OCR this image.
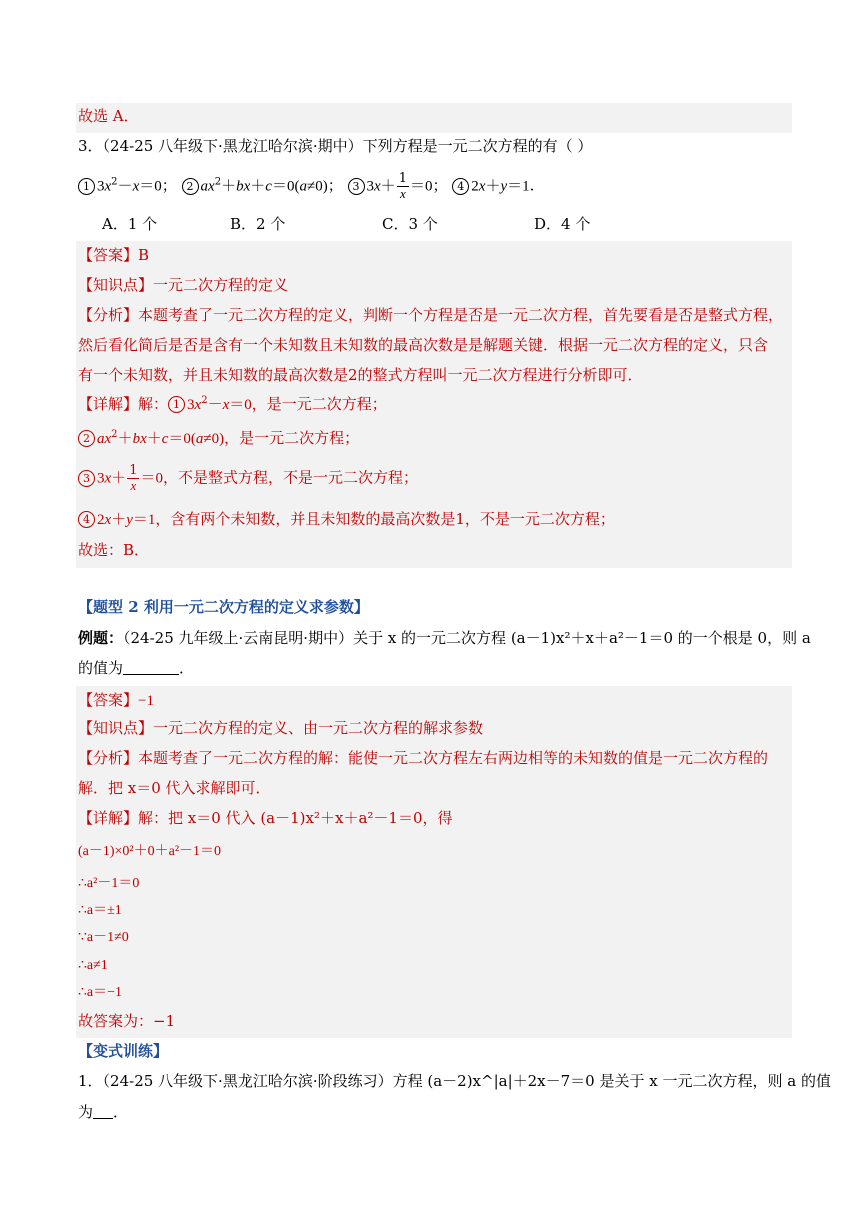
故选 A．
3．（24-25 八年级下·黑龙江哈尔滨·期中）下列方程是一元二次方程的有（ ）
1 $3x^2-x=0$； 2 $ax^2+bx+c=0(a\ne 0)$； 3 $3x+ \frac{1}{x} =0$； 4 2x＋y＝1.
A．1 个	B．2 个	C．3 个	D．4 个
【答案】B
【知识点】一元二次方程的定义
【分析】本题考查了一元二次方程的定义，判断一个方程是否是一元二次方程，首先要看是否是整式方程，
然后看化简后是否是含有一个未知数且未知数的最高次数是是解题关键．根据一元二次方程的定义，只含
有一个未知数，并且未知数的最高次数是2的整式方程叫一元二次方程进行分析即可．
【详解】解： 1 $3x^2-x=0$，是一元二次方程；
2 $ax^2+bx+c=0(a\ne 0)$，是一元二次方程；
3 $3x+ \frac{1}{x} =0$，不是整式方程，不是一元二次方程；
4 2x＋y＝1，含有两个未知数，并且未知数的最高次数是1，不是一元二次方程；
故选：B．
【题型 2 利用一元二次方程的定义求参数】
例题：（24-25 九年级上·云南昆明·期中）关于 x 的一元二次方程 (a－1)x²＋x＋a²－1＝0 的一个根是 0，则 a
的值为	．
【答案】−1
【知识点】一元二次方程的定义、由一元二次方程的解求参数
【分析】本题考查了一元二次方程的解：能使一元二次方程左右两边相等的未知数的值是一元二次方程的
解．把 x＝0 代入求解即可．
【详解】解：把 x＝0 代入 (a－1)x²＋x＋a²－1＝0，得
(a－1)×0²＋0＋a²－1＝0
∴a²－1＝0
∴a＝±1
∵a－1≠0
∴a≠1
∴a＝−1
故答案为：−1
【变式训练】
1．（24-25 八年级下·黑龙江哈尔滨·阶段练习）方程 (a－2)x^|a|＋2x－7＝0 是关于 x 一元二次方程，则 a 的值
为 ．
